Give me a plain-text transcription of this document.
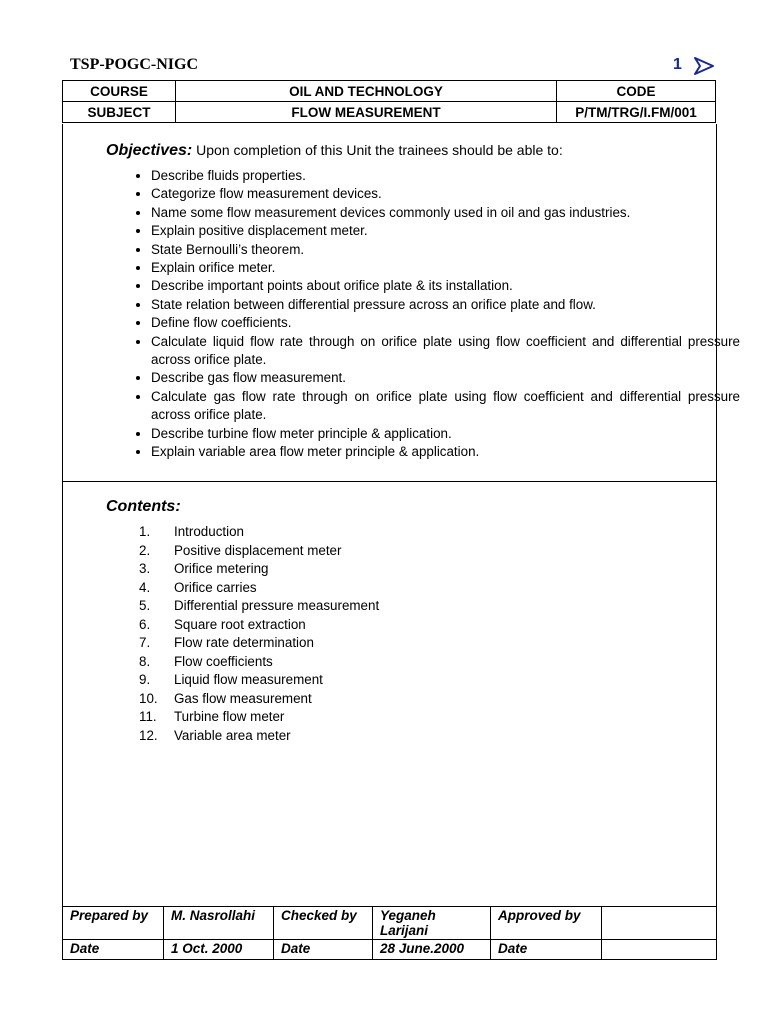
TSP-POGC-NIGC	1
COURSE	OIL AND TECHNOLOGY	CODE
SUBJECT	FLOW MEASUREMENT	P/TM/TRG/I.FM/001
Objectives: Upon completion of this Unit the trainees should be able to:
• Describe fluids properties.
• Categorize flow measurement devices.
• Name some flow measurement devices commonly used in oil and gas industries.
• Explain positive displacement meter.
• State Bernoulli’s theorem.
• Explain orifice meter.
• Describe important points about orifice plate & its installation.
• State relation between differential pressure across an orifice plate and flow.
• Define flow coefficients.
• Calculate liquid flow rate through on orifice plate using flow coefficient and differential pressure across orifice plate.
• Describe gas flow measurement.
• Calculate gas flow rate through on orifice plate using flow coefficient and differential pressure across orifice plate.
• Describe turbine flow meter principle & application.
• Explain variable area flow meter principle & application.
Contents:
1.	Introduction
2.	Positive displacement meter
3.	Orifice metering
4.	Orifice carries
5.	Differential pressure measurement
6.	Square root extraction
7.	Flow rate determination
8.	Flow coefficients
9.	Liquid flow measurement
10.	Gas flow measurement
11.	Turbine flow meter
12.	Variable area meter
Prepared by	M. Nasrollahi	Checked by	Yeganeh Larijani	Approved by	
Date	1 Oct. 2000	Date	28 June.2000	Date	
